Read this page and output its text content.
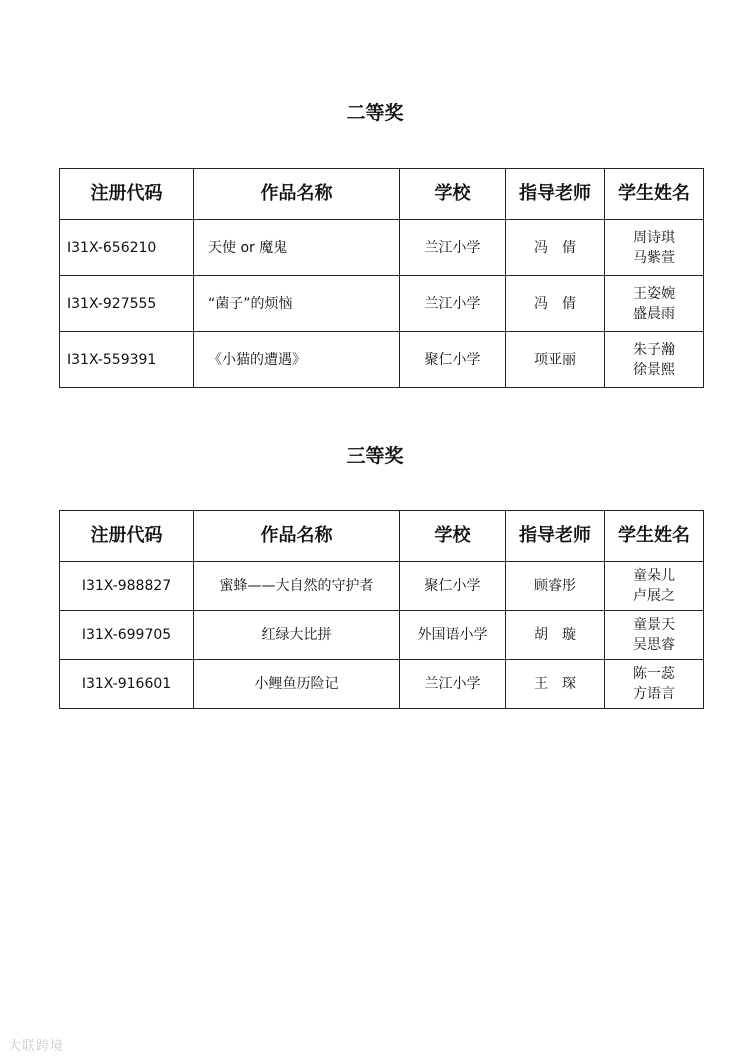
二等奖
注册代码	作品名称	学校	指导老师	学生姓名
I31X-656210	天使 or 魔鬼	兰江小学	冯　倩	周诗琪
马紫萱

I31X-927555	“菌子”的烦恼	兰江小学	冯　倩	王姿婉
盛晨雨

I31X-559391	《小猫的遭遇》	聚仁小学	项亚丽	朱子瀚
徐景熙
三等奖
注册代码	作品名称	学校	指导老师	学生姓名
I31X-988827	蜜蜂——大自然的守护者	聚仁小学	顾睿彤	童朵儿
卢展之

I31X-699705	红绿大比拼	外国语小学	胡　璇	童景天
吴思睿

I31X-916601	小鲤鱼历险记	兰江小学	王　琛	陈一蕊
方语言
大联跨境
